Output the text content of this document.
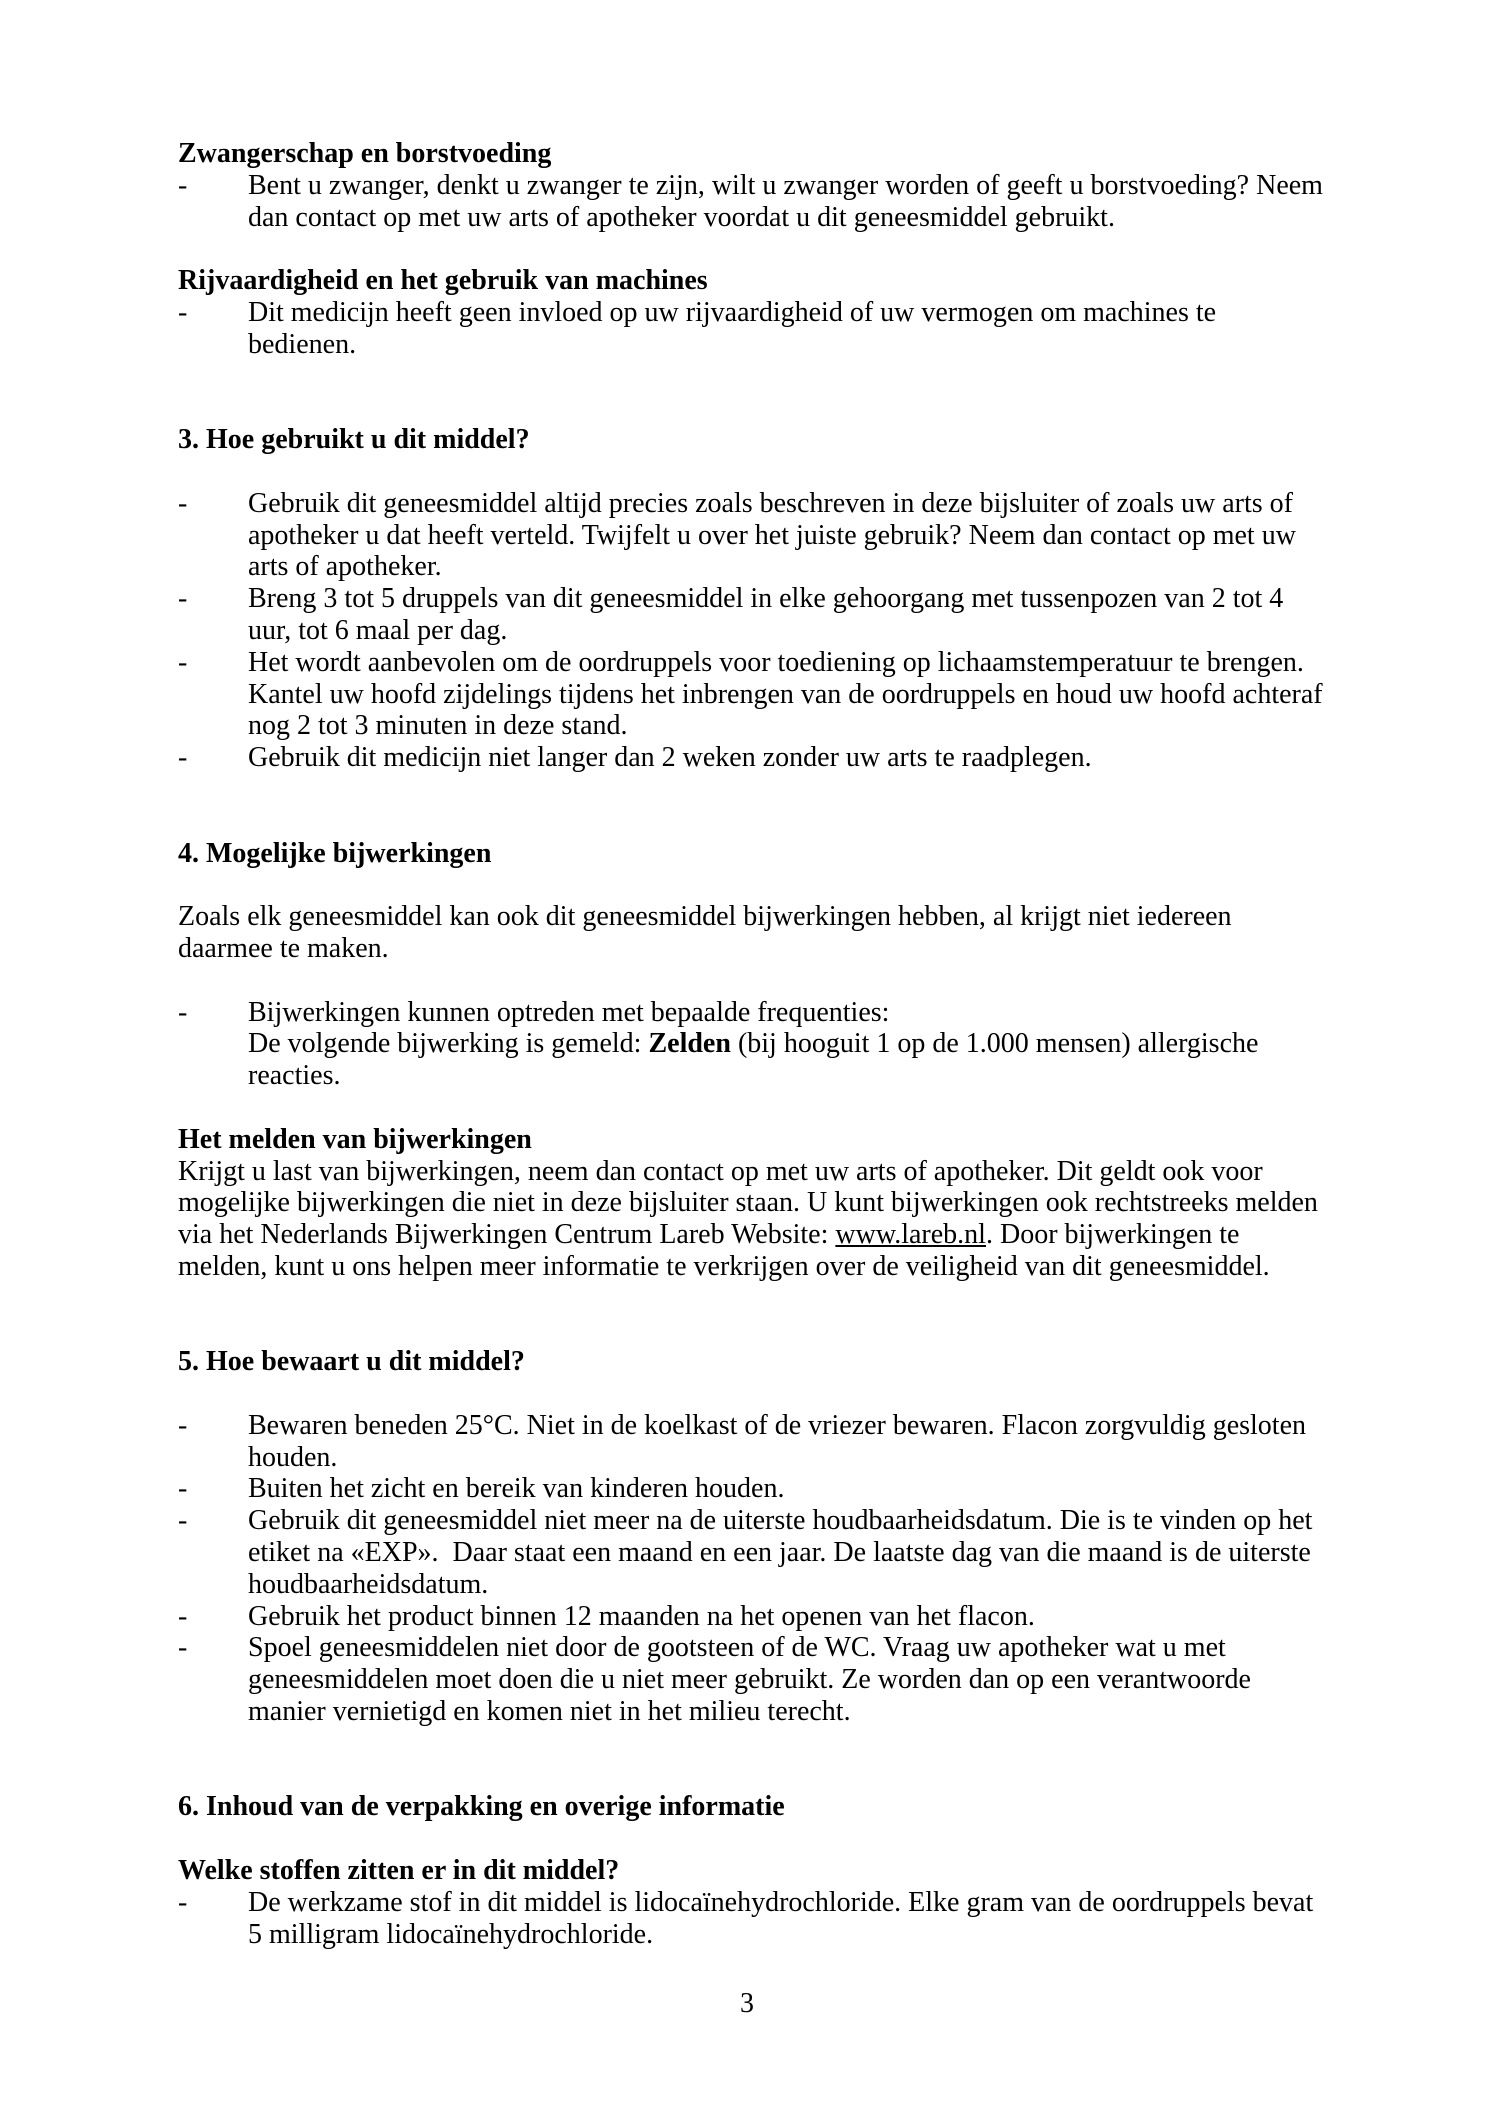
Zwangerschap en borstvoeding
- Bent u zwanger, denkt u zwanger te zijn, wilt u zwanger worden of geeft u borstvoeding? Neem
dan contact op met uw arts of apotheker voordat u dit geneesmiddel gebruikt.
Rijvaardigheid en het gebruik van machines
- Dit medicijn heeft geen invloed op uw rijvaardigheid of uw vermogen om machines te
bedienen.
3. Hoe gebruikt u dit middel?
- Gebruik dit geneesmiddel altijd precies zoals beschreven in deze bijsluiter of zoals uw arts of
apotheker u dat heeft verteld. Twijfelt u over het juiste gebruik? Neem dan contact op met uw
arts of apotheker.
- Breng 3 tot 5 druppels van dit geneesmiddel in elke gehoorgang met tussenpozen van 2 tot 4
uur, tot 6 maal per dag.
- Het wordt aanbevolen om de oordruppels voor toediening op lichaamstemperatuur te brengen.
Kantel uw hoofd zijdelings tijdens het inbrengen van de oordruppels en houd uw hoofd achteraf
nog 2 tot 3 minuten in deze stand.
- Gebruik dit medicijn niet langer dan 2 weken zonder uw arts te raadplegen.
4. Mogelijke bijwerkingen
Zoals elk geneesmiddel kan ook dit geneesmiddel bijwerkingen hebben, al krijgt niet iedereen
daarmee te maken.
- Bijwerkingen kunnen optreden met bepaalde frequenties:
De volgende bijwerking is gemeld: Zelden (bij hooguit 1 op de 1.000 mensen) allergische
reacties.
Het melden van bijwerkingen
Krijgt u last van bijwerkingen, neem dan contact op met uw arts of apotheker. Dit geldt ook voor
mogelijke bijwerkingen die niet in deze bijsluiter staan. U kunt bijwerkingen ook rechtstreeks melden
via het Nederlands Bijwerkingen Centrum Lareb Website: www.lareb.nl. Door bijwerkingen te
melden, kunt u ons helpen meer informatie te verkrijgen over de veiligheid van dit geneesmiddel.
5. Hoe bewaart u dit middel?
- Bewaren beneden 25°C. Niet in de koelkast of de vriezer bewaren. Flacon zorgvuldig gesloten
houden.
- Buiten het zicht en bereik van kinderen houden.
- Gebruik dit geneesmiddel niet meer na de uiterste houdbaarheidsdatum. Die is te vinden op het
etiket na «EXP».  Daar staat een maand en een jaar. De laatste dag van die maand is de uiterste
houdbaarheidsdatum.
- Gebruik het product binnen 12 maanden na het openen van het flacon.
- Spoel geneesmiddelen niet door de gootsteen of de WC. Vraag uw apotheker wat u met
geneesmiddelen moet doen die u niet meer gebruikt. Ze worden dan op een verantwoorde
manier vernietigd en komen niet in het milieu terecht.
6. Inhoud van de verpakking en overige informatie
Welke stoffen zitten er in dit middel?
- De werkzame stof in dit middel is lidocaïnehydrochloride. Elke gram van de oordruppels bevat
5 milligram lidocaïnehydrochloride.
3
